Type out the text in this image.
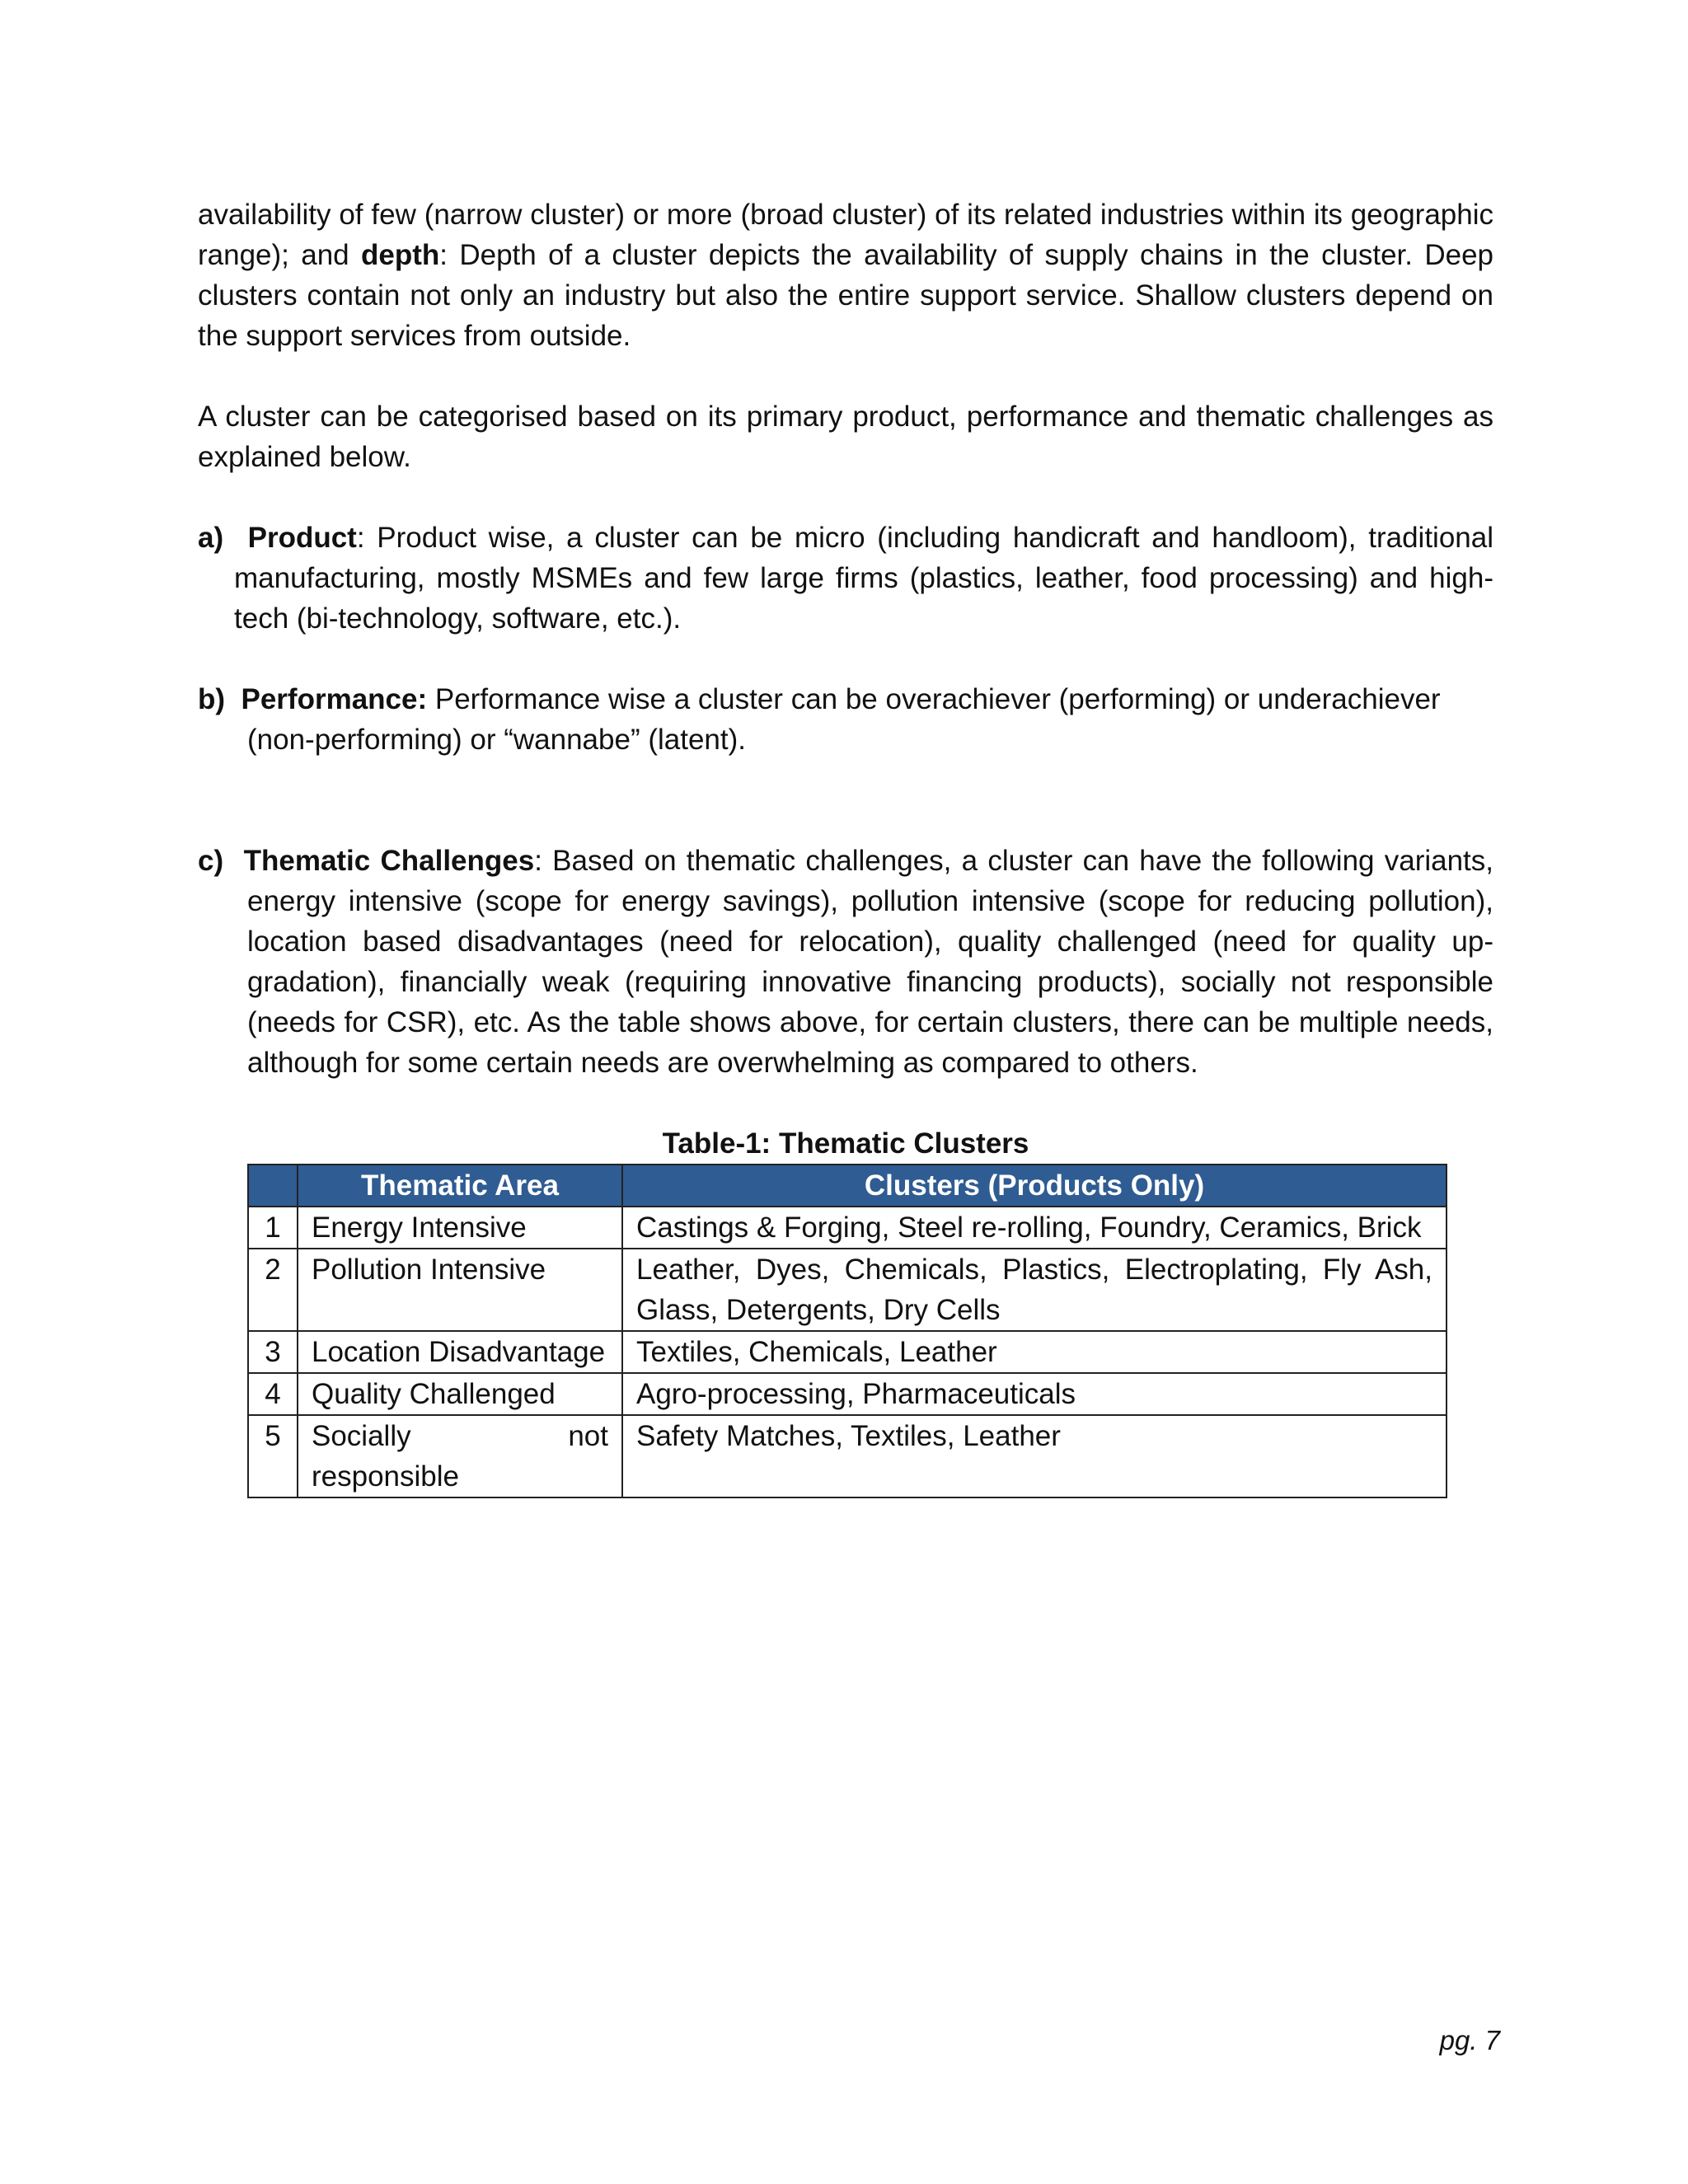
availability of few (narrow cluster) or more (broad cluster) of its related industries within its geographic range); and depth: Depth of a cluster depicts the availability of supply chains in the cluster. Deep clusters contain not only an industry but also the entire support service. Shallow clusters depend on the support services from outside.

A cluster can be categorised based on its primary product, performance and thematic challenges as explained below.

a) Product: Product wise, a cluster can be micro (including handicraft and handloom), traditional manufacturing, mostly MSMEs and few large firms (plastics, leather, food processing) and high-tech (bi-technology, software, etc.).

b) Performance: Performance wise a cluster can be overachiever (performing) or underachiever (non-performing) or “wannabe” (latent).

c) Thematic Challenges: Based on thematic challenges, a cluster can have the following variants, energy intensive (scope for energy savings), pollution intensive (scope for reducing pollution), location based disadvantages (need for relocation), quality challenged (need for quality up-gradation), financially weak (requiring innovative financing products), socially not responsible (needs for CSR), etc. As the table shows above, for certain clusters, there can be multiple needs, although for some certain needs are overwhelming as compared to others.

Table-1: Thematic Clusters
	Thematic Area	Clusters (Products Only)
1	Energy Intensive	Castings & Forging, Steel re-rolling, Foundry, Ceramics, Brick
2	Pollution Intensive	Leather, Dyes, Chemicals, Plastics, Electroplating, Fly Ash, Glass, Detergents, Dry Cells
3	Location Disadvantage	Textiles, Chemicals, Leather
4	Quality Challenged	Agro-processing, Pharmaceuticals
5	Socially not responsible	Safety Matches, Textiles, Leather
pg. 7
